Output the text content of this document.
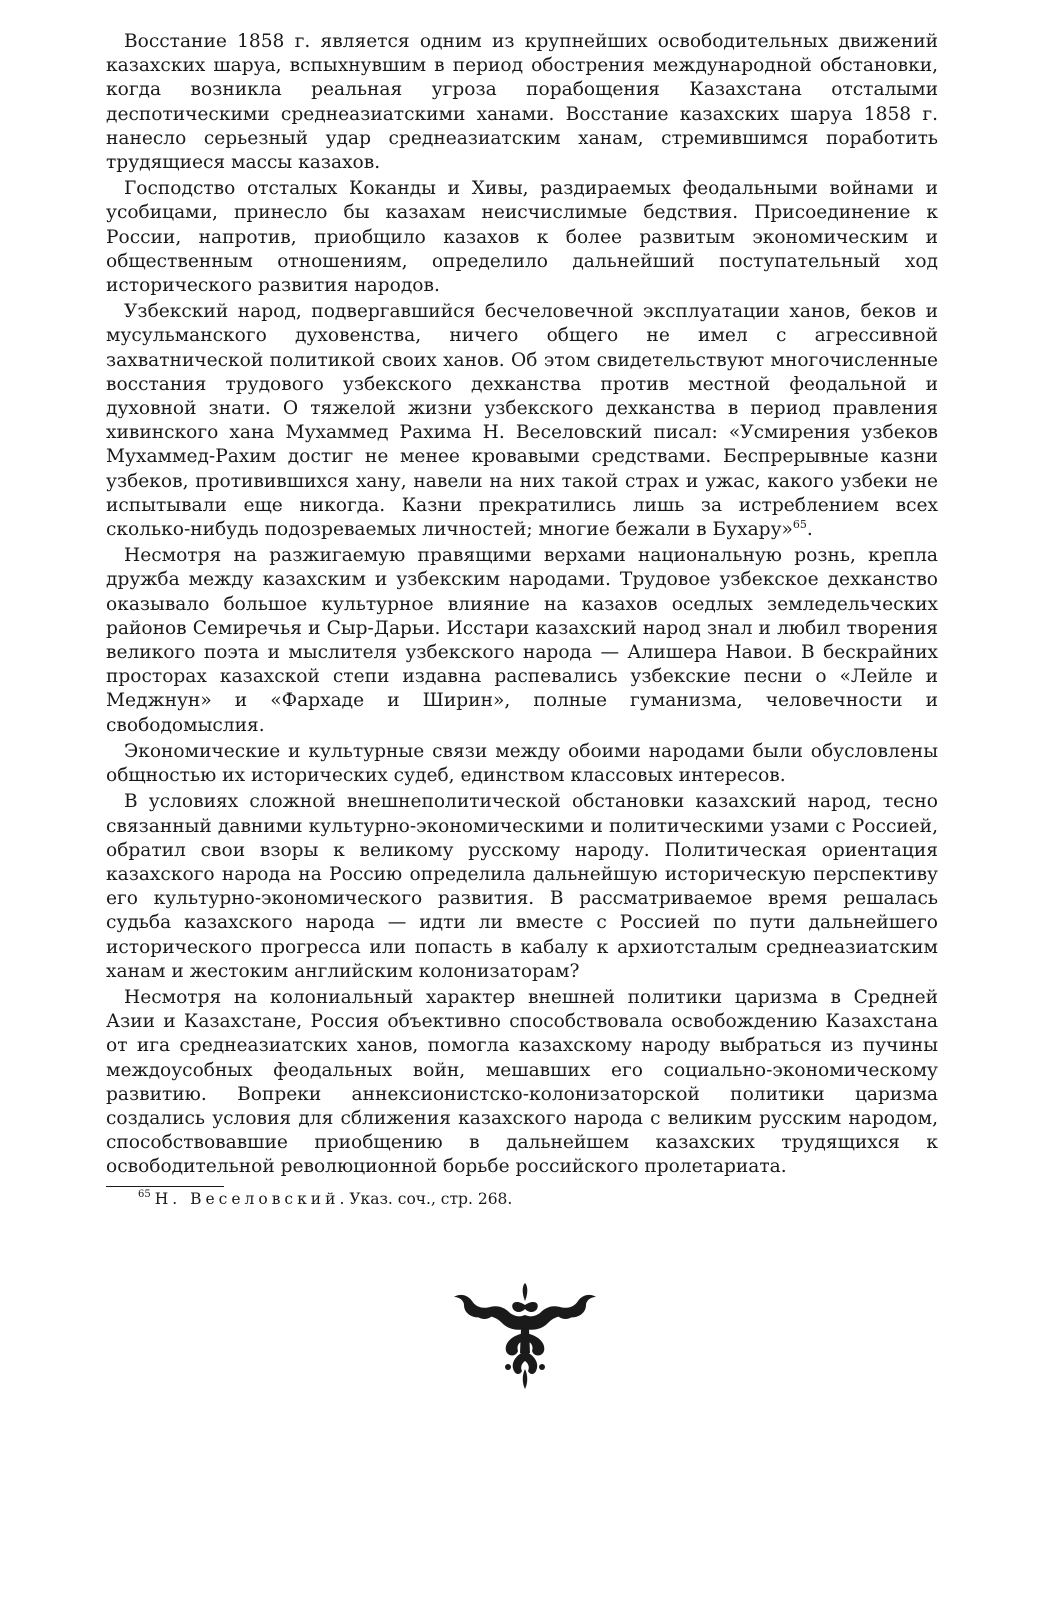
Восстание 1858 г. является одним из крупнейших освободительных движений казахских шаруа, вспыхнувшим в период обострения международной обстановки, когда возникла реальная угроза порабощения Казахстана отсталыми деспотическими среднеазиатскими ханами. Восстание казахских шаруа 1858 г. нанесло серьезный удар среднеазиатским ханам, стремившимся поработить трудящиеся массы казахов.

Господство отсталых Коканды и Хивы, раздираемых феодальными войнами и усобицами, принесло бы казахам неисчислимые бедствия. Присоединение к России, напротив, приобщило казахов к более развитым экономическим и общественным отношениям, определило дальнейший поступательный ход исторического развития народов.

Узбекский народ, подвергавшийся бесчеловечной эксплуатации ханов, беков и мусульманского духовенства, ничего общего не имел с агрессивной захватнической политикой своих ханов. Об этом свидетельствуют многочисленные восстания трудового узбекского дехканства против местной феодальной и духовной знати. О тяжелой жизни узбекского дехканства в период правления хивинского хана Мухаммед Рахима Н. Веселовский писал: «Усмирения узбеков Мухаммед-Рахим достиг не менее кровавыми средствами. Беспрерывные казни узбеков, противившихся хану, навели на них такой страх и ужас, какого узбеки не испытывали еще никогда. Казни прекратились лишь за истреблением всех сколько-нибудь подозреваемых личностей; многие бежали в Бухару»$^{65}$.

Несмотря на разжигаемую правящими верхами национальную рознь, крепла дружба между казахским и узбекским народами. Трудовое узбекское дехканство оказывало большое культурное влияние на казахов оседлых земледельческих районов Семиречья и Сыр-Дарьи. Исстари казахский народ знал и любил творения великого поэта и мыслителя узбекского народа — Алишера Навои. В бескрайних просторах казахской степи издавна распевались узбекские песни о «Лейле и Меджнун» и «Фархаде и Ширин», полные гуманизма, человечности и свободомыслия.

Экономические и культурные связи между обоими народами были обусловлены общностью их исторических судеб, единством классовых интересов.

В условиях сложной внешнеполитической обстановки казахский народ, тесно связанный давними культурно-экономическими и политическими узами с Россией, обратил свои взоры к великому русскому народу. Политическая ориентация казахского народа на Россию определила дальнейшую историческую перспективу его культурно-экономического развития. В рассматриваемое время решалась судьба казахского народа — идти ли вместе с Россией по пути дальнейшего исторического прогресса или попасть в кабалу к архиотсталым среднеазиатским ханам и жестоким английским колонизаторам?

Несмотря на колониальный характер внешней политики царизма в Средней Азии и Казахстане, Россия объективно способствовала освобождению Казахстана от ига среднеазиатских ханов, помогла казахскому народу выбраться из пучины междоусобных феодальных войн, мешавших его социально-экономическому развитию. Вопреки аннексионистско-колонизаторской политики царизма создались условия для сближения казахского народа с великим русским народом, способствовавшие приобщению в дальнейшем казахских трудящихся к освободительной революционной борьбе российского пролетариата.

$^{65}$ Н. Веселовский. Указ. соч., стр. 268.
